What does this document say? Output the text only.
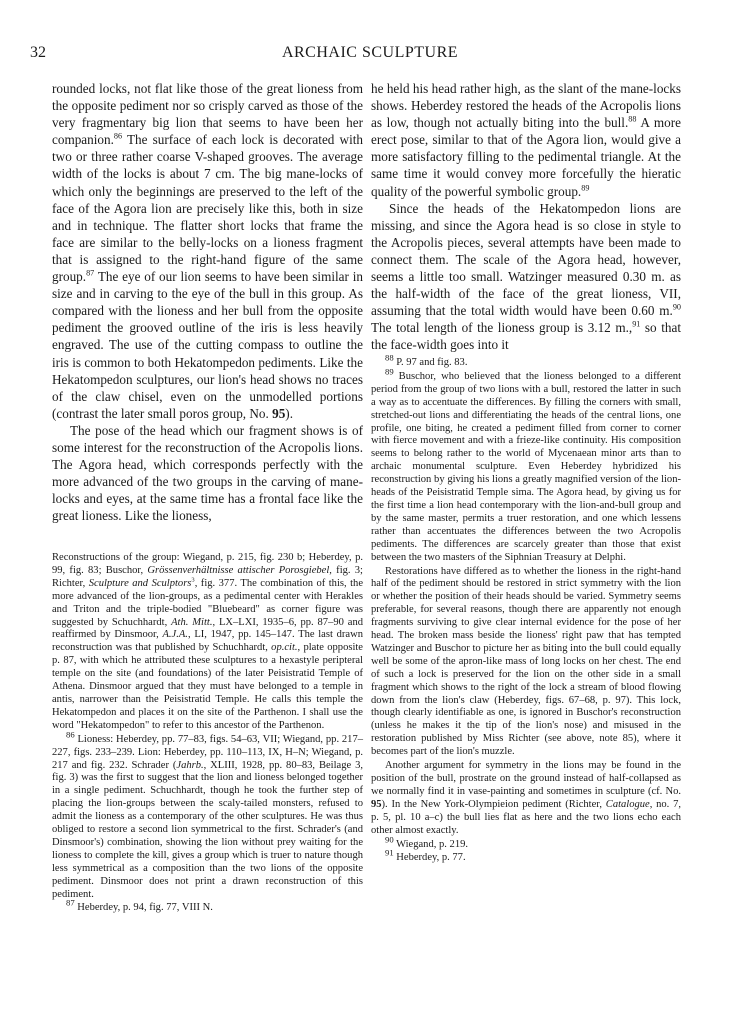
32	ARCHAIC SCULPTURE

rounded locks, not flat like those of the great lioness from the opposite pediment nor so crisply carved as those of the very fragmentary big lion that seems to have been her companion.$^{86}$ The surface of each lock is decorated with two or three rather coarse V-shaped grooves. The average width of the locks is about 7 cm. The big mane-locks of which only the beginnings are preserved to the left of the face of the Agora lion are precisely like this, both in size and in technique. The flatter short locks that frame the face are similar to the belly-locks on a lioness fragment that is assigned to the right-hand figure of the same group.$^{87}$ The eye of our lion seems to have been similar in size and in carving to the eye of the bull in this group. As compared with the lioness and her bull from the opposite pediment the grooved outline of the iris is less heavily engraved. The use of the cutting compass to outline the iris is common to both Hekatompedon pediments. Like the Hekatompedon sculptures, our lion's head shows no traces of the claw chisel, even on the unmodelled portions (contrast the later small poros group, No. 95).

The pose of the head which our fragment shows is of some interest for the reconstruction of the Acropolis lions. The Agora head, which corresponds perfectly with the more advanced of the two groups in the carving of mane-locks and eyes, at the same time has a frontal face like the great lioness. Like the lioness,

he held his head rather high, as the slant of the mane-locks shows. Heberdey restored the heads of the Acropolis lions as low, though not actually biting into the bull.$^{88}$ A more erect pose, similar to that of the Agora lion, would give a more satisfactory filling to the pedimental triangle. At the same time it would convey more forcefully the hieratic quality of the powerful symbolic group.$^{89}$

Since the heads of the Hekatompedon lions are missing, and since the Agora head is so close in style to the Acropolis pieces, several attempts have been made to connect them. The scale of the Agora head, however, seems a little too small. Watzinger measured 0.30 m. as the half-width of the face of the great lioness, VII, assuming that the total width would have been 0.60 m.$^{90}$ The total length of the lioness group is 3.12 m.,$^{91}$ so that the face-width goes into it

Reconstructions of the group: Wiegand, p. 215, fig. 230 b; Heberdey, p. 99, fig. 83; Buschor, Grössenverhältnisse attischer Porosgiebel, fig. 3; Richter, Sculpture and Sculptors$^3$, fig. 377. The combination of this, the more advanced of the lion-groups, as a pedimental center with Herakles and Triton and the triple-bodied "Bluebeard" as corner figure was suggested by Schuchhardt, Ath. Mitt., LX–LXI, 1935–6, pp. 87–90 and reaffirmed by Dinsmoor, A.J.A., LI, 1947, pp. 145–147. The last drawn reconstruction was that published by Schuchhardt, op.cit., plate opposite p. 87, with which he attributed these sculptures to a hexastyle peripteral temple on the site (and foundations) of the later Peisistratid Temple of Athena. Dinsmoor argued that they must have belonged to a temple in antis, narrower than the Peisistratid Temple. He calls this temple the Hekatompedon and places it on the site of the Parthenon. I shall use the word "Hekatompedon" to refer to this ancestor of the Parthenon.

$^{86}$ Lioness: Heberdey, pp. 77–83, figs. 54–63, VII; Wiegand, pp. 217–227, figs. 233–239. Lion: Heberdey, pp. 110–113, IX, H–N; Wiegand, p. 217 and fig. 232. Schrader (Jahrb., XLIII, 1928, pp. 80–83, Beilage 3, fig. 3) was the first to suggest that the lion and lioness belonged together in a single pediment. Schuchhardt, though he took the further step of placing the lion-groups between the scaly-tailed monsters, refused to admit the lioness as a contemporary of the other sculptures. He was thus obliged to restore a second lion symmetrical to the first. Schrader's (and Dinsmoor's) combination, showing the lion without prey waiting for the lioness to complete the kill, gives a group which is truer to nature though less symmetrical as a composition than the two lions of the opposite pediment. Dinsmoor does not print a drawn reconstruction of this pediment.

$^{87}$ Heberdey, p. 94, fig. 77, VIII N.

$^{88}$ P. 97 and fig. 83.

$^{89}$ Buschor, who believed that the lioness belonged to a different period from the group of two lions with a bull, restored the latter in such a way as to accentuate the differences. By filling the corners with small, stretched-out lions and differentiating the heads of the central lions, one profile, one biting, he created a pediment filled from corner to corner with fierce movement and with a frieze-like continuity. His composition seems to belong rather to the world of Mycenaean minor arts than to archaic monumental sculpture. Even Heberdey hybridized his reconstruction by giving his lions a greatly magnified version of the lion-heads of the Peisistratid Temple sima. The Agora head, by giving us for the first time a lion head contemporary with the lion-and-bull group and by the same master, permits a truer restoration, and one which lessens rather than accentuates the differences between the two Acropolis pediments. The differences are scarcely greater than those that exist between the two masters of the Siphnian Treasury at Delphi.

Restorations have differed as to whether the lioness in the right-hand half of the pediment should be restored in strict symmetry with the lion or whether the position of their heads should be varied. Symmetry seems preferable, for several reasons, though there are apparently not enough fragments surviving to give clear internal evidence for the pose of her head. The broken mass beside the lioness' right paw that has tempted Watzinger and Buschor to picture her as biting into the bull could equally well be some of the apron-like mass of long locks on her chest. The end of such a lock is preserved for the lion on the other side in a small fragment which shows to the right of the lock a stream of blood flowing down from the lion's claw (Heberdey, figs. 67–68, p. 97). This lock, though clearly identifiable as one, is ignored in Buschor's reconstruction (unless he makes it the tip of the lion's nose) and misused in the restoration published by Miss Richter (see above, note 85), where it becomes part of the lion's muzzle.

Another argument for symmetry in the lions may be found in the position of the bull, prostrate on the ground instead of half-collapsed as we normally find it in vase-painting and sometimes in sculpture (cf. No. 95). In the New York-Olympieion pediment (Richter, Catalogue, no. 7, p. 5, pl. 10 a–c) the bull lies flat as here and the two lions echo each other almost exactly.

$^{90}$ Wiegand, p. 219.

$^{91}$ Heberdey, p. 77.
